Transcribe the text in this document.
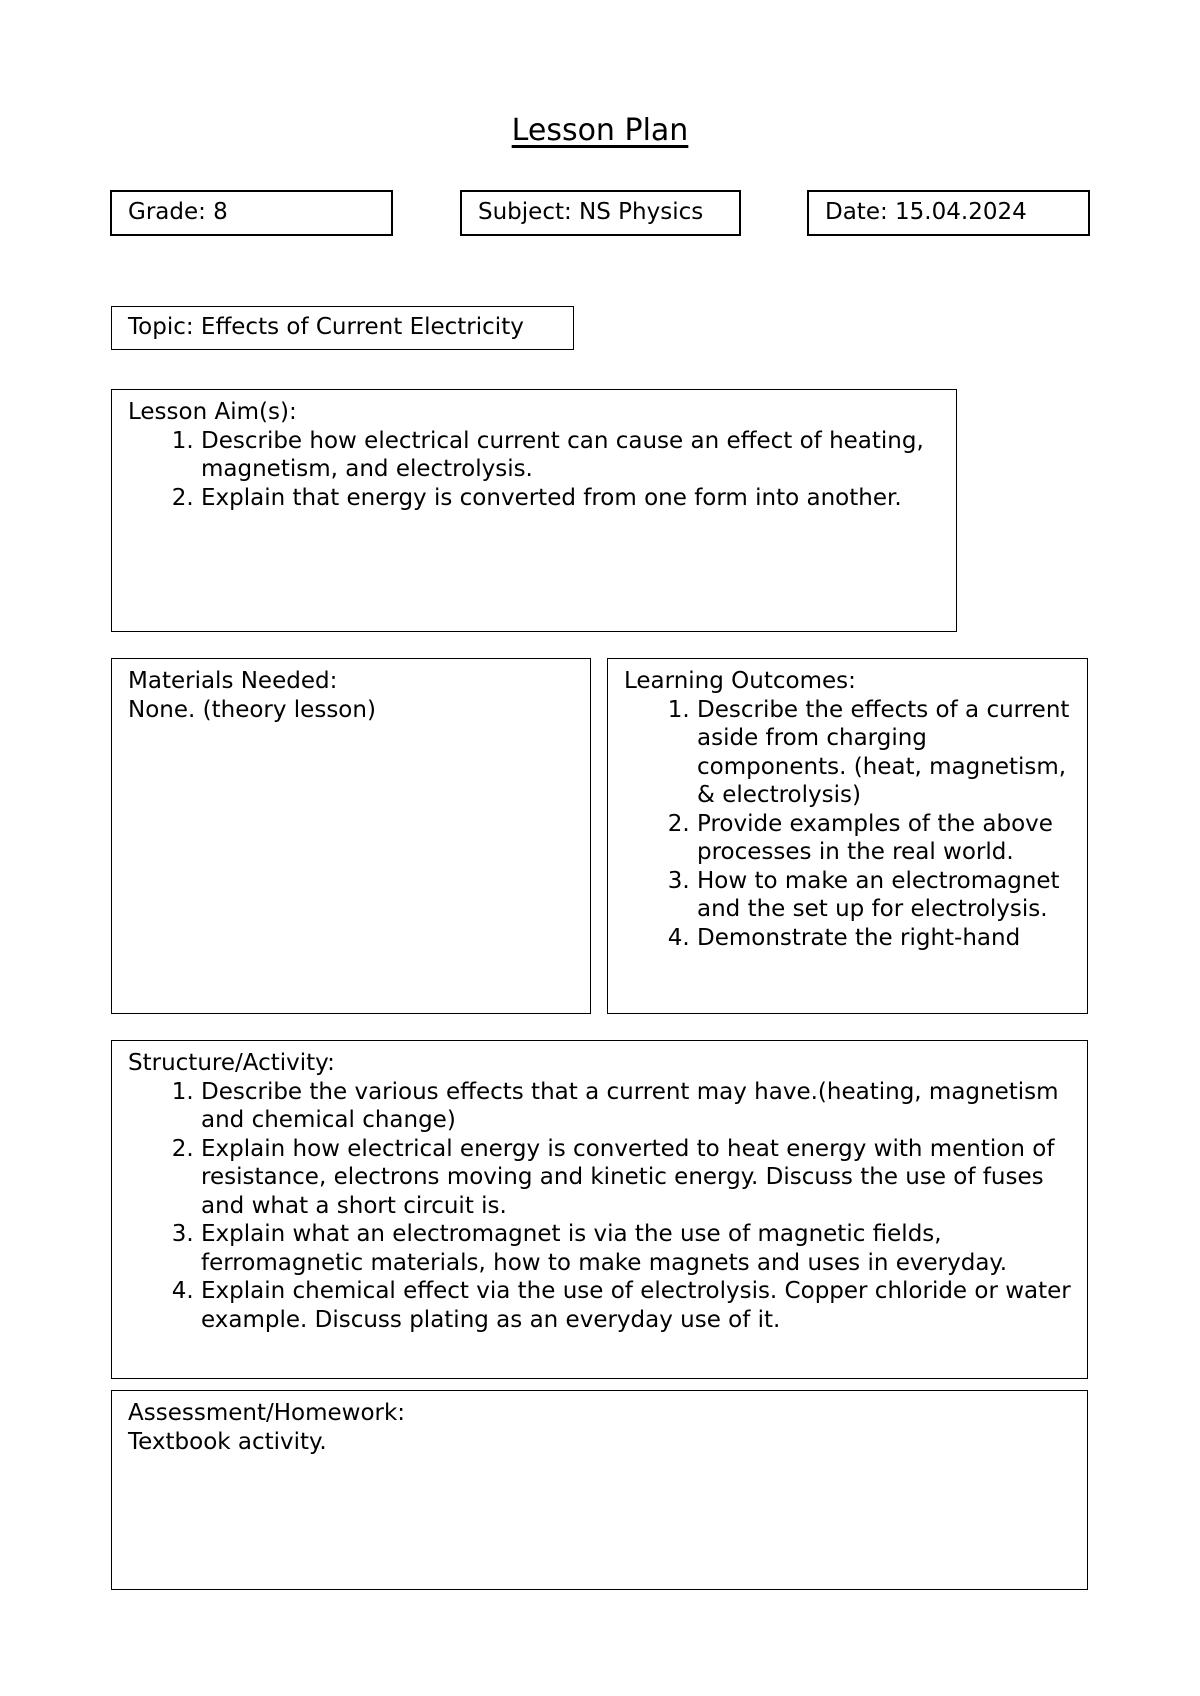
Lesson Plan
Grade: 8	Subject: NS Physics	Date: 15.04.2024
Topic: Effects of Current Electricity
Lesson Aim(s):
1. Describe how electrical current can cause an effect of heating, magnetism, and electrolysis.
2. Explain that energy is converted from one form into another.
Materials Needed:
None. (theory lesson)
Learning Outcomes:
1. Describe the effects of a current aside from charging components. (heat, magnetism, & electrolysis)
2. Provide examples of the above processes in the real world.
3. How to make an electromagnet and the set up for electrolysis.
4. Demonstrate the right-hand
Structure/Activity:
1. Describe the various effects that a current may have.(heating, magnetism and chemical change)
2. Explain how electrical energy is converted to heat energy with mention of resistance, electrons moving and kinetic energy. Discuss the use of fuses and what a short circuit is.
3. Explain what an electromagnet is via the use of magnetic fields, ferromagnetic materials, how to make magnets and uses in everyday.
4. Explain chemical effect via the use of electrolysis. Copper chloride or water example. Discuss plating as an everyday use of it.
Assessment/Homework:
Textbook activity.
